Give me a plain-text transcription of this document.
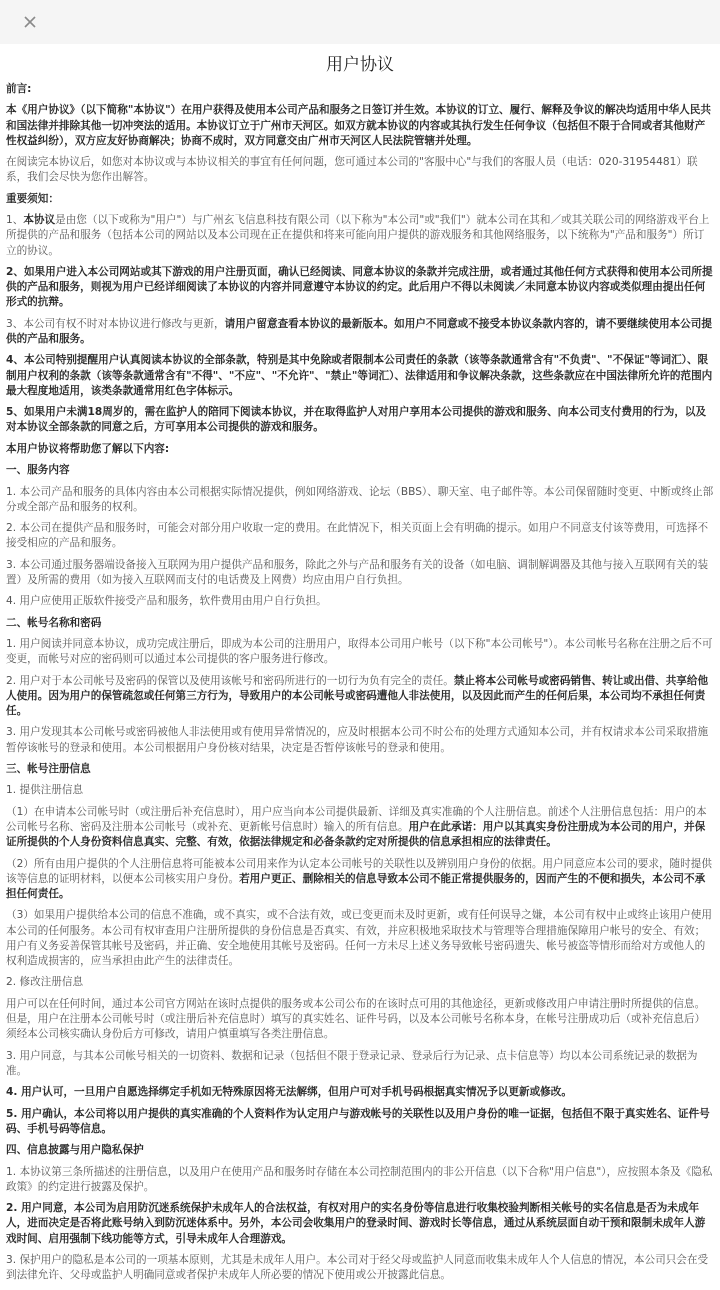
用户协议

前言:

本《用户协议》（以下简称"本协议"）在用户获得及使用本公司产品和服务之日签订并生效。本协议的订立、履行、解释及争议的解决均适用中华人民共和国法律并排除其他一切冲突法的适用。本协议订立于广州市天河区。如双方就本协议的内容或其执行发生任何争议（包括但不限于合同或者其他财产性权益纠纷），双方应友好协商解决；协商不成时，双方同意交由广州市天河区人民法院管辖并处理。

在阅读完本协议后，如您对本协议或与本协议相关的事宜有任何问题，您可通过本公司的"客服中心"与我们的客服人员（电话：020-31954481）联系，我们会尽快为您作出解答。

重要须知：

1、本协议是由您（以下或称为"用户"）与广州玄飞信息科技有限公司（以下称为"本公司"或"我们"）就本公司在其和／或其关联公司的网络游戏平台上所提供的产品和服务（包括本公司的网站以及本公司现在正在提供和将来可能向用户提供的游戏服务和其他网络服务，以下统称为"产品和服务"）所订立的协议。

2、如果用户进入本公司网站或其下游戏的用户注册页面，确认已经阅读、同意本协议的条款并完成注册，或者通过其他任何方式获得和使用本公司所提供的产品和服务，则视为用户已经详细阅读了本协议的内容并同意遵守本协议的约定。此后用户不得以未阅读／未同意本协议内容或类似理由提出任何形式的抗辩。

3、本公司有权不时对本协议进行修改与更新，请用户留意查看本协议的最新版本。如用户不同意或不接受本协议条款内容的，请不要继续使用本公司提供的产品和服务。

4、本公司特别提醒用户认真阅读本协议的全部条款，特别是其中免除或者限制本公司责任的条款（该等条款通常含有"不负责"、"不保证"等词汇）、限制用户权利的条款（该等条款通常含有"不得"、"不应"、"不允许"、"禁止"等词汇）、法律适用和争议解决条款，这些条款应在中国法律所允许的范围内最大程度地适用，该类条款通常用红色字体标示。

5、如果用户未满18周岁的，需在监护人的陪同下阅读本协议，并在取得监护人对用户享用本公司提供的游戏和服务、向本公司支付费用的行为，以及对本协议全部条款的同意之后，方可享用本公司提供的游戏和服务。

本用户协议将帮助您了解以下内容:

一、服务内容

1. 本公司产品和服务的具体内容由本公司根据实际情况提供，例如网络游戏、论坛（BBS）、聊天室、电子邮件等。本公司保留随时变更、中断或终止部分或全部产品和服务的权利。

2. 本公司在提供产品和服务时，可能会对部分用户收取一定的费用。在此情况下，相关页面上会有明确的提示。如用户不同意支付该等费用，可选择不接受相应的产品和服务。

3. 本公司通过服务器端设备接入互联网为用户提供产品和服务，除此之外与产品和服务有关的设备（如电脑、调制解调器及其他与接入互联网有关的装置）及所需的费用（如为接入互联网而支付的电话费及上网费）均应由用户自行负担。

4. 用户应使用正版软件接受产品和服务，软件费用由用户自行负担。

二、帐号名称和密码

1. 用户阅读并同意本协议，成功完成注册后，即成为本公司的注册用户，取得本公司用户帐号（以下称"本公司帐号"）。本公司帐号名称在注册之后不可变更，而帐号对应的密码则可以通过本公司提供的客户服务进行修改。

2. 用户对于本公司帐号及密码的保管以及使用该帐号和密码所进行的一切行为负有完全的责任。禁止将本公司帐号或密码销售、转让或出借、共享给他人使用。因为用户的保管疏忽或任何第三方行为，导致用户的本公司帐号或密码遭他人非法使用，以及因此而产生的任何后果，本公司均不承担任何责任。

3. 用户发现其本公司帐号或密码被他人非法使用或有使用异常情况的，应及时根据本公司不时公布的处理方式通知本公司，并有权请求本公司采取措施暂停该帐号的登录和使用。本公司根据用户身份核对结果，决定是否暂停该帐号的登录和使用。

三、帐号注册信息

1. 提供注册信息

（1）在申请本公司帐号时（或注册后补充信息时），用户应当向本公司提供最新、详细及真实准确的个人注册信息。前述个人注册信息包括：用户的本公司帐号名称、密码及注册本公司帐号（或补充、更新帐号信息时）输入的所有信息。用户在此承诺：用户以其真实身份注册成为本公司的用户，并保证所提供的个人身份资料信息真实、完整、有效，依据法律规定和必备条款约定对所提供的信息承担相应的法律责任。

（2）所有由用户提供的个人注册信息将可能被本公司用来作为认定本公司帐号的关联性以及辨别用户身份的依据。用户同意应本公司的要求，随时提供该等信息的证明材料，以便本公司核实用户身份。若用户更正、删除相关的信息导致本公司不能正常提供服务的，因而产生的不便和损失，本公司不承担任何责任。

（3）如果用户提供给本公司的信息不准确，或不真实，或不合法有效，或已变更而未及时更新，或有任何误导之嫌，本公司有权中止或终止该用户使用本公司的任何服务。本公司有权审查用户注册所提供的身份信息是否真实、有效，并应积极地采取技术与管理等合理措施保障用户帐号的安全、有效；用户有义务妥善保管其帐号及密码，并正确、安全地使用其帐号及密码。任何一方未尽上述义务导致帐号密码遗失、帐号被盗等情形而给对方或他人的权利造成损害的，应当承担由此产生的法律责任。

2. 修改注册信息

用户可以在任何时间，通过本公司官方网站在该时点提供的服务或本公司公布的在该时点可用的其他途径，更新或修改用户申请注册时所提供的信息。但是，用户在注册本公司帐号时（或注册后补充信息时）填写的真实姓名、证件号码，以及本公司帐号名称本身，在帐号注册成功后（或补充信息后）须经本公司核实确认身份后方可修改，请用户慎重填写各类注册信息。

3. 用户同意，与其本公司帐号相关的一切资料、数据和记录（包括但不限于登录记录、登录后行为记录、点卡信息等）均以本公司系统记录的数据为准。

4. 用户认可，一旦用户自愿选择绑定手机如无特殊原因将无法解绑，但用户可对手机号码根据真实情况予以更新或修改。

5. 用户确认，本公司将以用户提供的真实准确的个人资料作为认定用户与游戏帐号的关联性以及用户身份的唯一证据，包括但不限于真实姓名、证件号码、手机号码等信息。

四、信息披露与用户隐私保护

1. 本协议第三条所描述的注册信息，以及用户在使用产品和服务时存储在本公司控制范围内的非公开信息（以下合称"用户信息"），应按照本条及《隐私政策》的约定进行披露及保护。

2. 用户同意，本公司为启用防沉迷系统保护未成年人的合法权益，有权对用户的实名身份等信息进行收集校验判断相关帐号的实名信息是否为未成年人，进而决定是否将此账号纳入到防沉迷体系中。另外，本公司会收集用户的登录时间、游戏时长等信息，通过从系统层面自动干预和限制未成年人游戏时间、启用强制下线功能等方式，引导未成年人合理游戏。

3. 保护用户的隐私是本公司的一项基本原则，尤其是未成年人用户。本公司对于经父母或监护人同意而收集未成年人个人信息的情况，本公司只会在受到法律允许、父母或监护人明确同意或者保护未成年人所必要的情况下使用或公开披露此信息。
